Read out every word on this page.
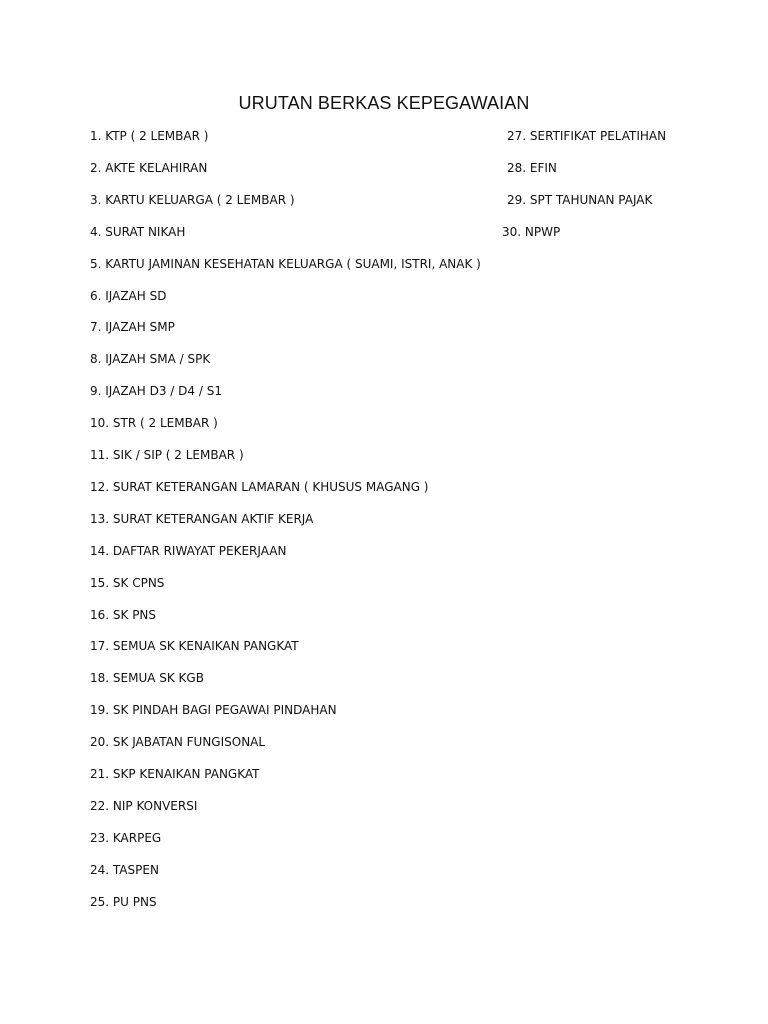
URUTAN BERKAS KEPEGAWAIAN
1. KTP ( 2 LEMBAR )
2. AKTE KELAHIRAN
3. KARTU KELUARGA ( 2 LEMBAR )
4. SURAT NIKAH
5. KARTU JAMINAN KESEHATAN KELUARGA ( SUAMI, ISTRI, ANAK )
6. IJAZAH SD
7. IJAZAH SMP
8. IJAZAH SMA / SPK
9. IJAZAH D3 / D4 / S1
10. STR ( 2 LEMBAR )
11. SIK / SIP ( 2 LEMBAR )
12. SURAT KETERANGAN LAMARAN ( KHUSUS MAGANG )
13. SURAT KETERANGAN AKTIF KERJA
14. DAFTAR RIWAYAT PEKERJAAN
15. SK CPNS
16. SK PNS
17. SEMUA SK KENAIKAN PANGKAT
18. SEMUA SK KGB
19. SK PINDAH BAGI PEGAWAI PINDAHAN
20. SK JABATAN FUNGISONAL
21. SKP KENAIKAN PANGKAT
22. NIP KONVERSI
23. KARPEG
24. TASPEN
25. PU PNS
27. SERTIFIKAT PELATIHAN
28. EFIN
29. SPT TAHUNAN PAJAK
30. NPWP
